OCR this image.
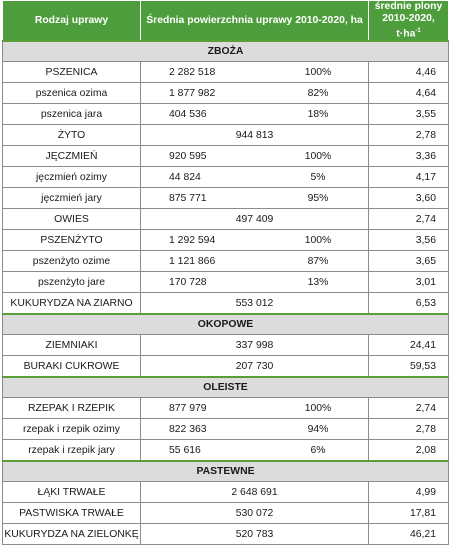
Rodzaj uprawy	Średnia powierzchnia uprawy 2010-2020, ha	średnie plony
2010-2020, $t\cdot ha^{-1}$
ZBOŻA		
PSZENICA	2 282 518 100%	4,46
pszenica ozima	1 877 982 82%	4,64
pszenica jara	404 536 18%	3,55
ŻYTO	944 813	2,78
JĘCZMIEŃ	920 595 100%	3,36
jęczmień ozimy	44 824 5%	4,17
jęczmień jary	875 771 95%	3,60
OWIES	497 409	2,74
PSZENŻYTO	1 292 594 100%	3,56
pszenżyto ozime	1 121 866 87%	3,65
pszenżyto jare	170 728 13%	3,01
KUKURYDZA NA ZIARNO	553 012	6,53
OKOPOWE		
ZIEMNIAKI	337 998	24,41
BURAKI CUKROWE	207 730	59,53
OLEISTE		
RZEPAK I RZEPIK	877 979 100%	2,74
rzepak i rzepik ozimy	822 363 94%	2,78
rzepak i rzepik jary	55 616 6%	2,08
PASTEWNE		
ŁĄKI TRWAŁE	2 648 691	4,99
PASTWISKA TRWAŁE	530 072	17,81
KUKURYDZA NA ZIELONKĘ	520 783	46,21
